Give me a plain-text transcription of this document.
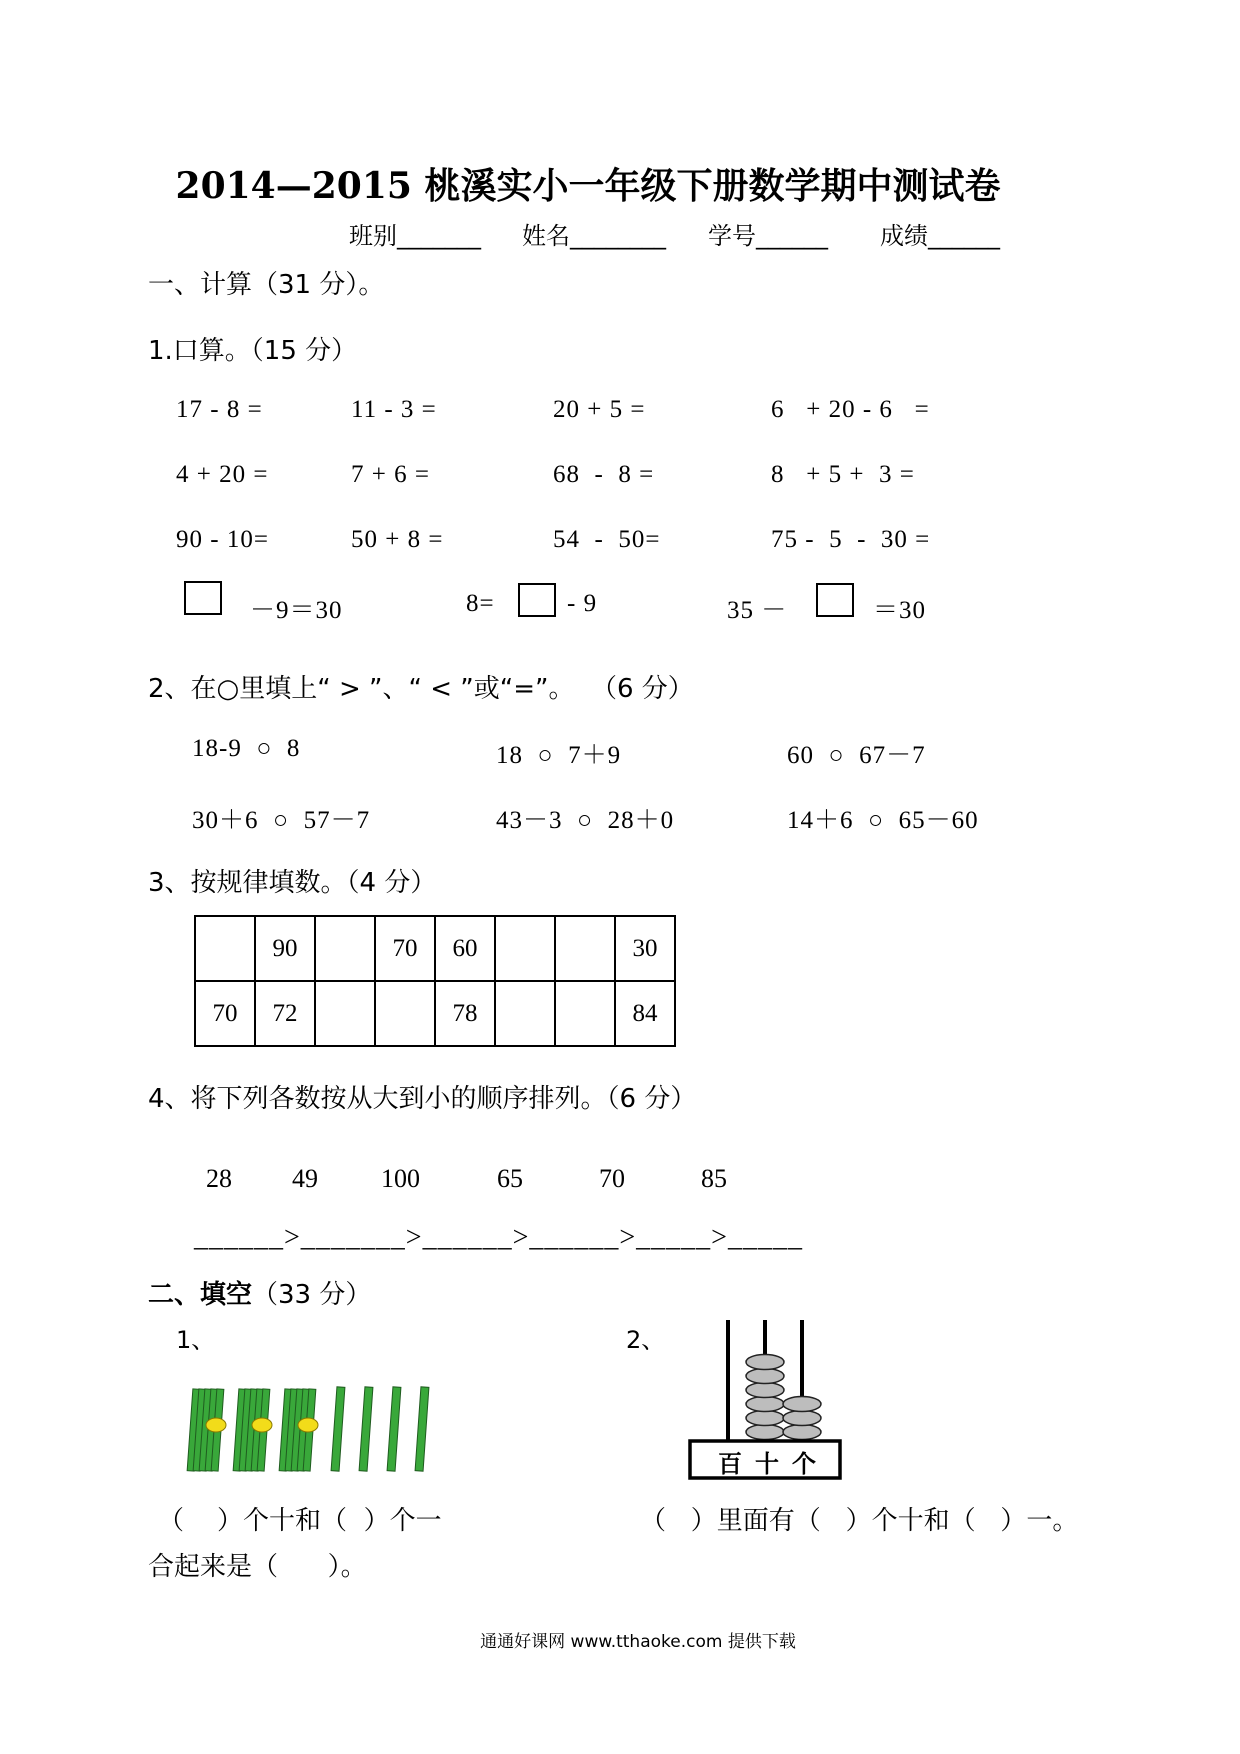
2014—2015 桃溪实小一年级下册数学期中测试卷
班别_______ 姓名________ 学号______ 成绩______
一、计算（31 分）。
1.口算。（15 分）
17 - 8 =	11 - 3 =	20 + 5 =	6   + 20 - 6   =
4 + 20 =	7 + 6 =	68  -  8 =	8   + 5 +  3 =
90 - 10=	50 + 8 =	54  -  50=	75 -  5  -  30 =
－9＝30	8=	- 9	35 －	＝30
2、在○里填上“ > ”、“ < ”或“=”。  （6 分）
18-9  ○  8	18  ○  7＋9	60  ○  67－7
30＋6  ○  57－7	43－3  ○  28＋0	14＋6  ○  65－60
3、按规律填数。（4 分）
	90		70	60			30
70	72			78			84
4、将下列各数按从大到小的顺序排列。（6 分）
28 49 100	65	70	85
______>_______>______>______>_____>_____
二、填空（33 分）
1、	2、
百 十 个
（    ）个十和（  ）个一
合起来是（      ）。
（   ）里面有（   ）个十和（   ）一。
通通好课网 www.tthaoke.com 提供下载
